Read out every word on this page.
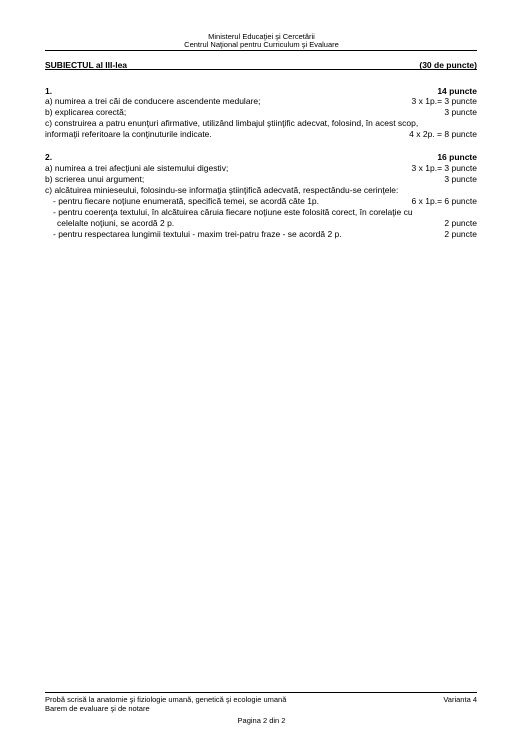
Ministerul Educaţiei şi Cercetării
Centrul Naţional pentru Curriculum şi Evaluare
SUBIECTUL al III-lea	(30 de puncte)
1.	14 puncte
a) numirea a trei căi de conducere ascendente medulare;	3 x 1p.= 3 puncte
b) explicarea corectă;	3 puncte
c) construirea a patru enunţuri afirmative, utilizând limbajul ştiinţific adecvat, folosind, în acest scop,
informaţii referitoare la conţinuturile indicate.	4 x 2p. = 8 puncte
2.	16 puncte
a) numirea a trei afecţiuni ale sistemului digestiv;	3 x 1p.= 3 puncte
b) scrierea unui argument;	3 puncte
c) alcătuirea minieseului, folosindu-se informaţia ştiinţifică adecvată, respectându-se cerinţele:
- pentru fiecare noţiune enumerată, specifică temei, se acordă câte 1p.	6 x 1p.= 6 puncte
- pentru coerenţa textului, în alcătuirea căruia fiecare noţiune este folosită corect, în corelaţie cu
celelalte noţiuni, se acordă 2 p.	2 puncte
- pentru respectarea lungimii textului - maxim trei-patru fraze - se acordă 2 p.	2 puncte
Probă scrisă la anatomie şi fiziologie umană, genetică şi ecologie umană	Varianta 4
Barem de evaluare şi de notare
Pagina 2 din 2
